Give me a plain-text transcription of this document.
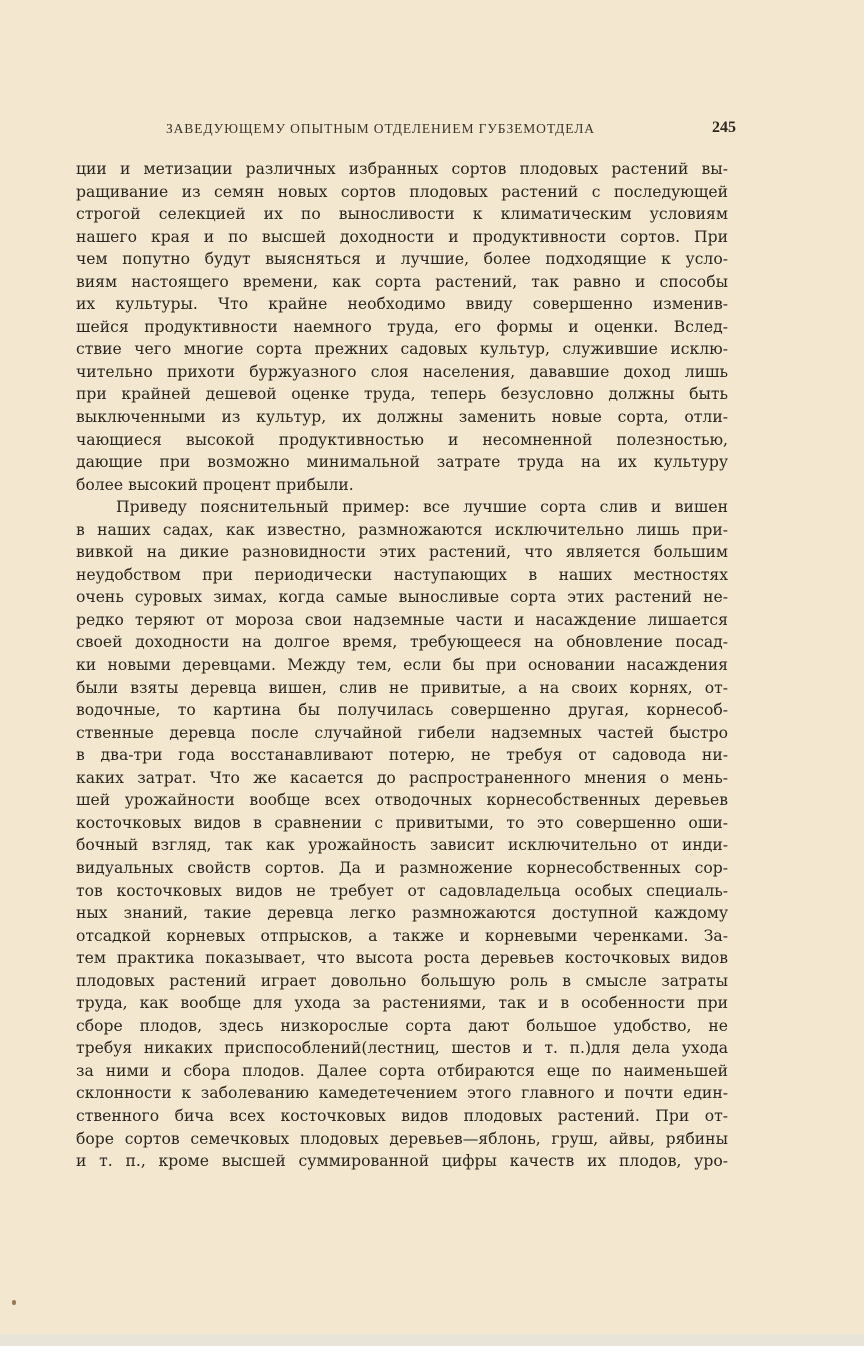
ЗАВЕДУЮЩЕМУ ОПЫТНЫМ ОТДЕЛЕНИЕМ ГУБЗЕМОТДЕЛА	245
ции и метизации различных избранных сортов плодовых растений вы-
ращивание из семян новых сортов плодовых растений с последующей
строгой селекцией их по выносливости к климатическим условиям
нашего края и по высшей доходности и продуктивности сортов. При
чем попутно будут выясняться и лучшие, более подходящие к усло-
виям настоящего времени, как сорта растений, так равно и способы
их культуры. Что крайне необходимо ввиду совершенно изменив-
шейся продуктивности наемного труда, его формы и оценки. Вслед-
ствие чего многие сорта прежних садовых культур, служившие исклю-
чительно прихоти буржуазного слоя населения, дававшие доход лишь
при крайней дешевой оценке труда, теперь безусловно должны быть
выключенными из культур, их должны заменить новые сорта, отли-
чающиеся высокой продуктивностью и несомненной полезностью,
дающие при возможно минимальной затрате труда на их культуру
более высокий процент прибыли.
Приведу пояснительный пример: все лучшие сорта слив и вишен
в наших садах, как известно, размножаются исключительно лишь при-
вивкой на дикие разновидности этих растений, что является большим
неудобством при периодически наступающих в наших местностях
очень суровых зимах, когда самые выносливые сорта этих растений не-
редко теряют от мороза свои надземные части и насаждение лишается
своей доходности на долгое время, требующееся на обновление посад-
ки новыми деревцами. Между тем, если бы при основании насаждения
были взяты деревца вишен, слив не привитые, а на своих корнях, от-
водочные, то картина бы получилась совершенно другая, корнесоб-
ственные деревца после случайной гибели надземных частей быстро
в два-три года восстанавливают потерю, не требуя от садовода ни-
каких затрат. Что же касается до распространенного мнения о мень-
шей урожайности вообще всех отводочных корнесобственных деревьев
косточковых видов в сравнении с привитыми, то это совершенно оши-
бочный взгляд, так как урожайность зависит исключительно от инди-
видуальных свойств сортов. Да и размножение корнесобственных сор-
тов косточковых видов не требует от садовладельца особых специаль-
ных знаний, такие деревца легко размножаются доступной каждому
отсадкой корневых отпрысков, а также и корневыми черенками. За-
тем практика показывает, что высота роста деревьев косточковых видов
плодовых растений играет довольно большую роль в смысле затраты
труда, как вообще для ухода за растениями, так и в особенности при
сборе плодов, здесь низкорослые сорта дают большое удобство, не
требуя никаких приспособлений(лестниц, шестов и т. п.)для дела ухода
за ними и сбора плодов. Далее сорта отбираются еще по наименьшей
склонности к заболеванию камедетечением этого главного и почти един-
ственного бича всех косточковых видов плодовых растений. При от-
боре сортов семечковых плодовых деревьев—яблонь, груш, айвы, рябины
и т. п., кроме высшей суммированной цифры качеств их плодов, уро-
